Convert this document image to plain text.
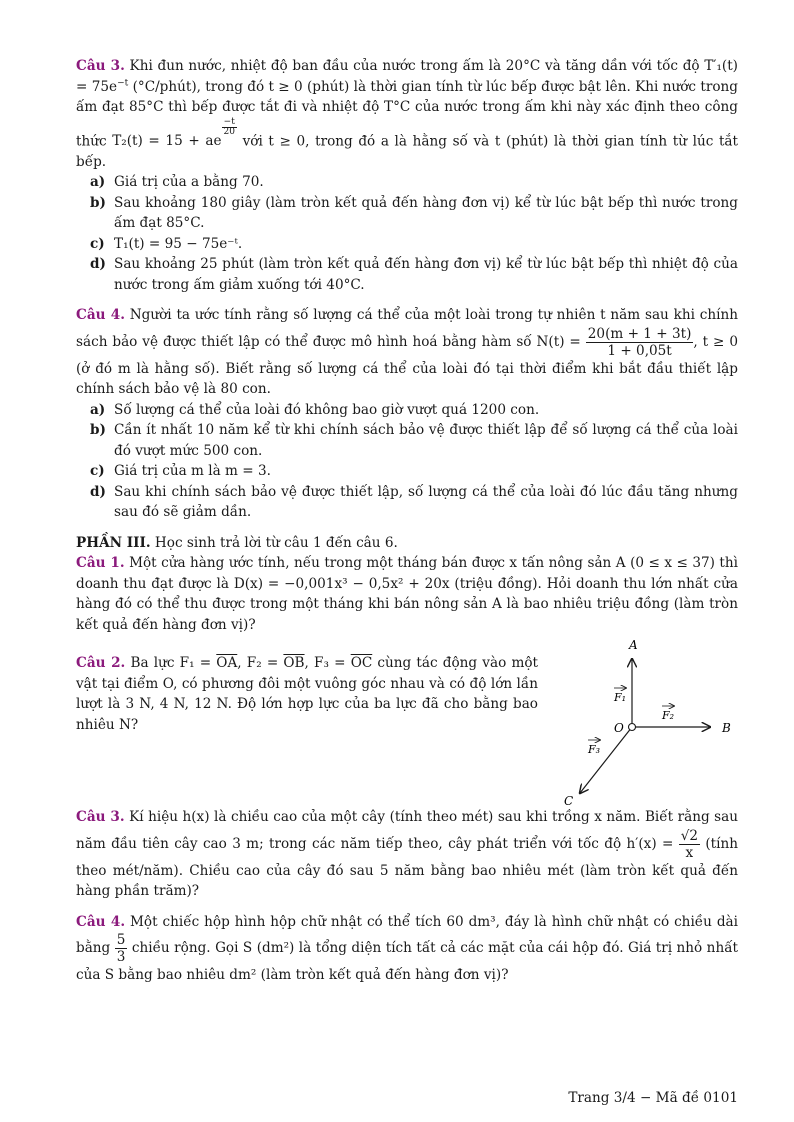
Câu 3. Khi đun nước, nhiệt độ ban đầu của nước trong ấm là 20°C và tăng dần với tốc độ $T'_1(t) = 75e^{-t}$ (°C/phút), trong đó t ≥ 0 (phút) là thời gian tính từ lúc bếp được bật lên. Khi nước trong ấm đạt 85°C thì bếp được tắt đi và nhiệt độ T°C của nước trong ấm khi này xác định theo công thức T₂(t) = 15 + ae
$^{\frac{-t}{20}}$
với t ≥ 0, trong đó a là hằng số và t (phút) là thời gian tính từ lúc tắt bếp.
a) Giá trị của a bằng 70.
b) Sau khoảng 180 giây (làm tròn kết quả đến hàng đơn vị) kể từ lúc bật bếp thì nước trong ấm đạt 85°C.
c) T₁(t) = 95 − 75e⁻ᵗ.
d) Sau khoảng 25 phút (làm tròn kết quả đến hàng đơn vị) kể từ lúc bật bếp thì nhiệt độ của nước trong ấm giảm xuống tới 40°C.
Câu 4. Người ta ước tính rằng số lượng cá thể của một loài trong tự nhiên t năm sau khi chính sách bảo vệ được thiết lập có thể được mô hình hoá bằng hàm số $N(t) = \frac{20(m + 1 + 3t)}{1 + 0,05t}$ , t ≥ 0 (ở đó m là hằng số). Biết rằng số lượng cá thể của loài đó tại thời điểm khi bắt đầu thiết lập chính sách bảo vệ là 80 con.
a) Số lượng cá thể của loài đó không bao giờ vượt quá 1200 con.
b) Cần ít nhất 10 năm kể từ khi chính sách bảo vệ được thiết lập để số lượng cá thể của loài đó vượt mức 500 con.
c) Giá trị của m là m = 3.
d) Sau khi chính sách bảo vệ được thiết lập, số lượng cá thể của loài đó lúc đầu tăng nhưng sau đó sẽ giảm dần.
PHẦN III. Học sinh trả lời từ câu 1 đến câu 6.
Câu 1. Một cửa hàng ước tính, nếu trong một tháng bán được x tấn nông sản A (0 ≤ x ≤ 37) thì doanh thu đạt được là D(x) = −0,001x³ − 0,5x² + 20x (triệu đồng). Hỏi doanh thu lớn nhất cửa hàng đó có thể thu được trong một tháng khi bán nông sản A là bao nhiêu triệu đồng (làm tròn kết quả đến hàng đơn vị)?
Câu 2. Ba lực $F_1 = \overline{OA}$, $F_2 = \overline{OB}$, $F_3 = \overline{OC}$ cùng tác động vào một vật tại điểm O, có phương đôi một vuông góc nhau và có độ lớn lần lượt là 3 N, 4 N, 12 N. Độ lớn hợp lực của ba lực đã cho bằng bao nhiêu N?
A
B
C
O
F₁
F₂
F₃
Câu 3. Kí hiệu h(x) là chiều cao của một cây (tính theo mét) sau khi trồng x năm. Biết rằng sau năm đầu tiên cây cao 3 m; trong các năm tiếp theo, cây phát triển với tốc độ $h'(x) = \frac{√2}{x}$ (tính theo mét/năm). Chiều cao của cây đó sau 5 năm bằng bao nhiêu mét (làm tròn kết quả đến hàng phần trăm)?
Câu 4. Một chiếc hộp hình hộp chữ nhật có thể tích 60 dm³, đáy là hình chữ nhật có chiều dài bằng $\frac{5}{3}$ chiều rộng. Gọi S (dm²) là tổng diện tích tất cả các mặt của cái hộp đó. Giá trị nhỏ nhất của S bằng bao nhiêu dm² (làm tròn kết quả đến hàng đơn vị)?
Trang 3/4 − Mã đề 0101
